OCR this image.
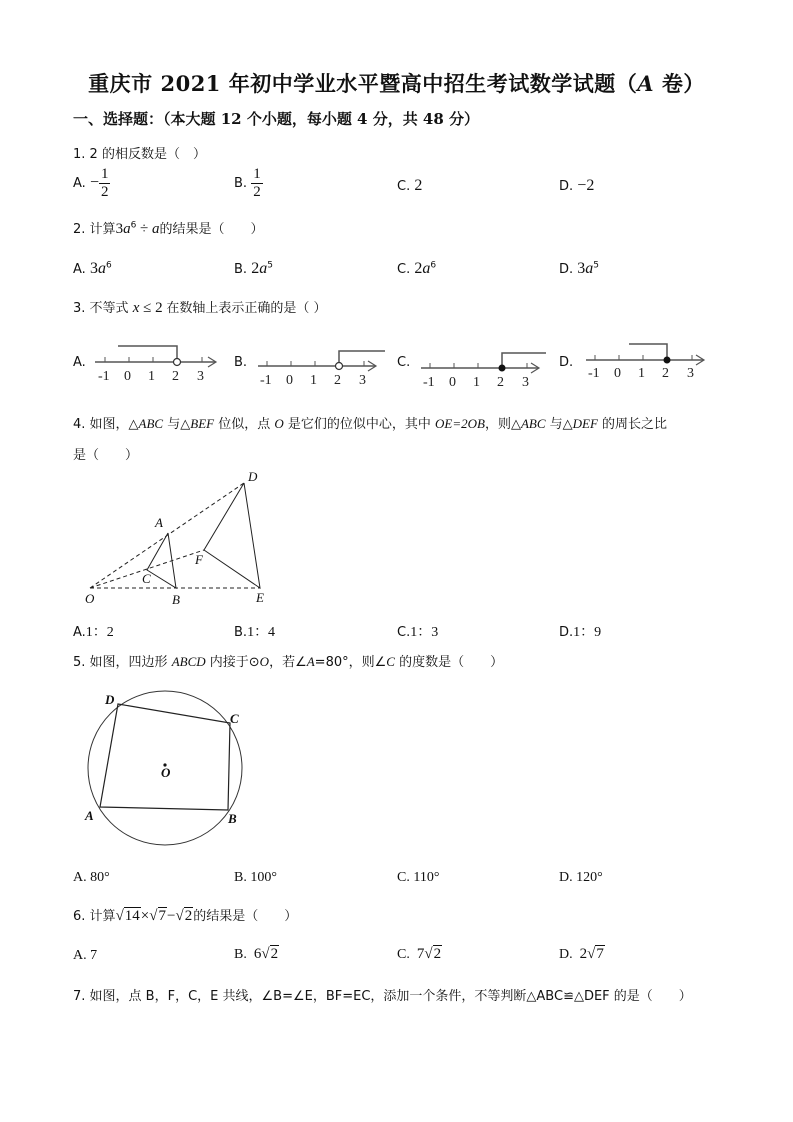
重庆市 2021 年初中学业水平暨高中招生考试数学试题（A 卷）
一、选择题：（本大题 12 个小题，每小题 4 分，共 48 分）
1. 2 的相反数是（　）
A. − $\frac{1}{2}$	B. $\frac{1}{2}$	C. 2	D. −2
2. 计算$3a^6 \div a$的结果是（　　）
A. $3a^6$	B. $2a^5$	C. $2a^6$	D. $3a^5$
3. 不等式 x ≤ 2 在数轴上表示正确的是（ ）
A.
-1 0 1 2 3
B.
-1 0 1 2 3
C.
-1 0 1 2 3
D.
-1 0 1 2 3
4. 如图，△ABC 与△BEF 位似，点 O 是它们的位似中心，其中 OE=2OB，则△ABC 与△DEF 的周长之比
是（　　）
A
C
B
D
F
E
O
A.1：2	B.1：4	C.1：3	D.1：9
5. 如图，四边形 ABCD 内接于⊙O，若∠A=80°，则∠C 的度数是（　　）
D
C
O
A	B
A. 80°	B. 100°	C. 110°	D. 120°
6. 计算√14×√7−√2的结果是（　　）
A. 7	B. 6√2	C. 7√2	D. 2√7
7. 如图，点 B，F，C，E 共线，∠B=∠E，BF=EC，添加一个条件，不等判断△ABC≌△DEF 的是（　　）
